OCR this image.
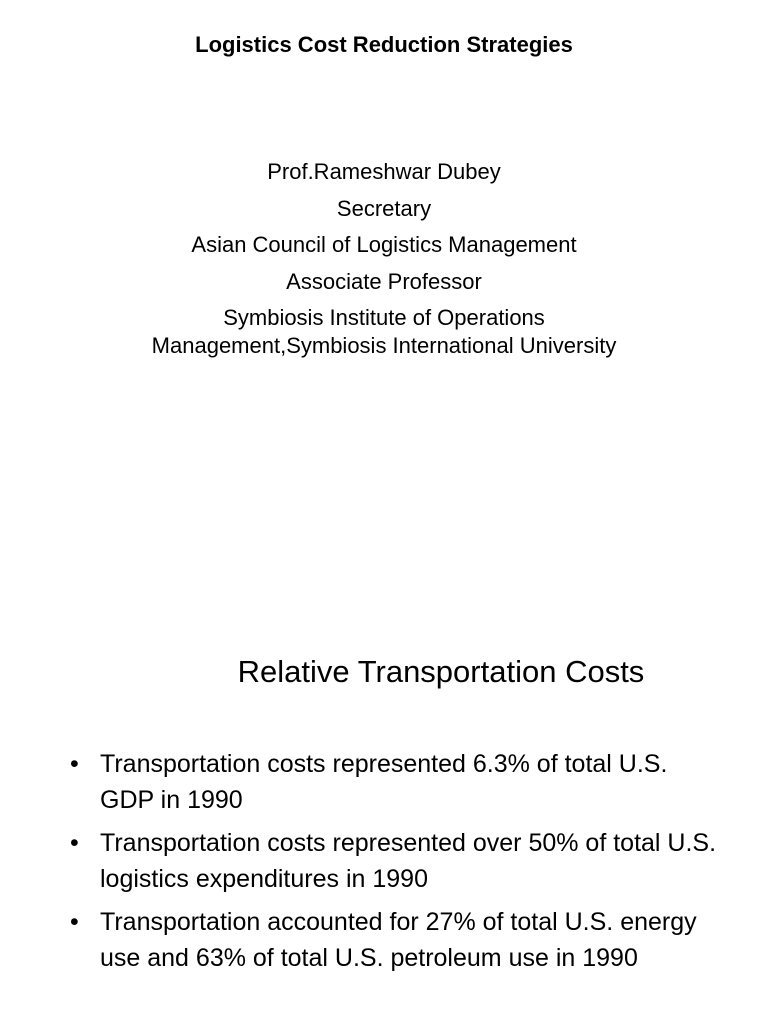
Logistics Cost Reduction Strategies
Prof.Rameshwar Dubey
Secretary
Asian Council of Logistics Management
Associate Professor
Symbiosis Institute of Operations
Management,Symbiosis International University
Relative Transportation Costs
• Transportation costs represented 6.3% of total U.S. GDP in 1990
• Transportation costs represented over 50% of total U.S. logistics expenditures in 1990
• Transportation accounted for 27% of total U.S. energy use and 63% of total U.S. petroleum use in 1990
